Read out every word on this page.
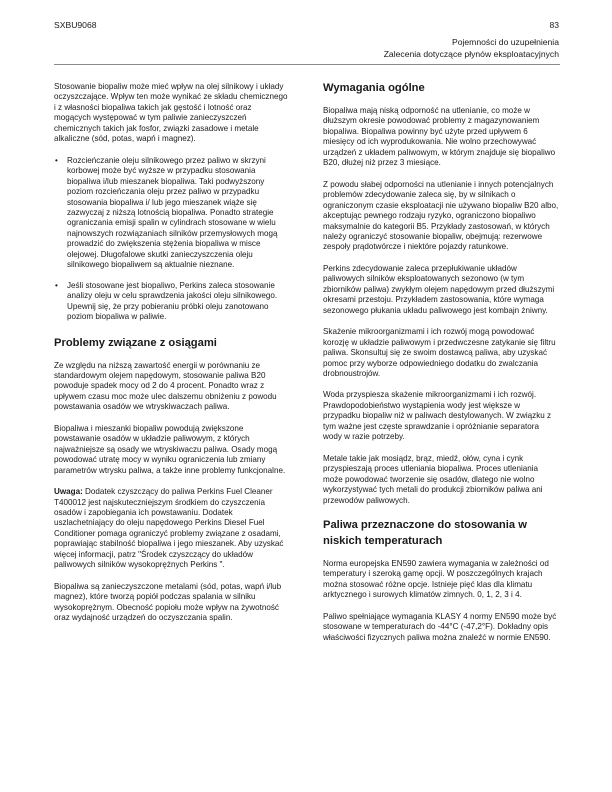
SXBU9068	83
Pojemności do uzupełnienia
Zalecenia dotyczące płynów eksploatacyjnych

Stosowanie biopaliw może mieć wpływ na olej silnikowy i układy oczyszczające. Wpływ ten może wynikać ze składu chemicznego i z własności biopaliwa takich jak gęstość i lotność oraz mogących występować w tym paliwie zanieczyszczeń chemicznych takich jak fosfor, związki zasadowe i metale alkaliczne (sód, potas, wapń i magnez).

• Rozcieńczanie oleju silnikowego przez paliwo w skrzyni korbowej może być wyższe w przypadku stosowania biopaliwa i/lub mieszanek biopaliwa. Taki podwyższony poziom rozcieńczania oleju przez paliwo w przypadku stosowania biopaliwa i/ lub jego mieszanek wiąże się zazwyczaj z niższą lotnością biopaliwa. Ponadto strategie ograniczania emisji spalin w cylindrach stosowane w wielu najnowszych rozwiązaniach silników przemysłowych mogą prowadzić do zwiększenia stężenia biopaliwa w misce olejowej. Długofalowe skutki zanieczyszczenia oleju silnikowego biopaliwem są aktualnie nieznane.
• Jeśli stosowane jest biopaliwo, Perkins zaleca stosowanie analizy oleju w celu sprawdzenia jakości oleju silnikowego. Upewnij się, że przy pobieraniu próbki oleju zanotowano poziom biopaliwa w paliwie.
Problemy związane z osiągami

Ze względu na niższą zawartość energii w porównaniu ze standardowym olejem napędowym, stosowanie paliwa B20 powoduje spadek mocy od 2 do 4 procent. Ponadto wraz z upływem czasu moc może ulec dalszemu obniżeniu z powodu powstawania osadów we wtryskiwaczach paliwa.

Biopaliwa i mieszanki biopaliw powodują zwiększone powstawanie osadów w układzie paliwowym, z których najważniejsze są osady we wtryskiwaczu paliwa. Osady mogą powodować utratę mocy w wyniku ograniczenia lub zmiany parametrów wtrysku paliwa, a także inne problemy funkcjonalne.

Uwaga: Dodatek czyszczący do paliwa Perkins Fuel Cleaner T400012 jest najskuteczniejszym środkiem do czyszczenia osadów i zapobiegania ich powstawaniu. Dodatek uszlachetniający do oleju napędowego Perkins Diesel Fuel Conditioner pomaga ograniczyć problemy związane z osadami, poprawiając stabilność biopaliwa i jego mieszanek. Aby uzyskać więcej informacji, patrz "Środek czyszczący do układów paliwowych silników wysokoprężnych Perkins ".

Biopaliwa są zanieczyszczone metalami (sód, potas, wapń i/lub magnez), które tworzą popiół podczas spalania w silniku wysokoprężnym. Obecność popiołu może wpływ na żywotność oraz wydajność urządzeń do oczyszczania spalin.

Wymagania ogólne

Biopaliwa mają niską odporność na utlenianie, co może w dłuższym okresie powodować problemy z magazynowaniem biopaliwa. Biopaliwa powinny być użyte przed upływem 6 miesięcy od ich wyprodukowania. Nie wolno przechowywać urządzeń z układem paliwowym, w którym znajduje się biopaliwo B20, dłużej niż przez 3 miesiące.

Z powodu słabej odporności na utlenianie i innych potencjalnych problemów zdecydowanie zaleca się, by w silnikach o ograniczonym czasie eksploatacji nie używano biopaliw B20 albo, akceptując pewnego rodzaju ryzyko, ograniczono biopaliwo maksymalnie do kategorii B5. Przykłady zastosowań, w których należy ograniczyć stosowanie biopaliw, obejmują: rezerwowe zespoły prądotwórcze i niektóre pojazdy ratunkowe.

Perkins zdecydowanie zaleca przepłukiwanie układów paliwowych silników eksploatowanych sezonowo (w tym zbiorników paliwa) zwykłym olejem napędowym przed dłuższymi okresami przestoju. Przykładem zastosowania, które wymaga sezonowego płukania układu paliwowego jest kombajn żniwny.

Skażenie mikroorganizmami i ich rozwój mogą powodować korozję w układzie paliwowym i przedwczesne zatykanie się filtru paliwa. Skonsultuj się ze swoim dostawcą paliwa, aby uzyskać pomoc przy wyborze odpowiedniego dodatku do zwalczania drobnoustrojów.

Woda przyspiesza skażenie mikroorganizmami i ich rozwój. Prawdopodobieństwo wystąpienia wody jest większe w przypadku biopaliw niż w paliwach destylowanych. W związku z tym ważne jest częste sprawdzanie i opróżnianie separatora wody w razie potrzeby.

Metale takie jak mosiądz, brąz, miedź, ołów, cyna i cynk przyspieszają proces utleniania biopaliwa. Proces utleniania może powodować tworzenie się osadów, dlatego nie wolno wykorzystywać tych metali do produkcji zbiorników paliwa ani przewodów paliwowych.

Paliwa przeznaczone do stosowania w niskich temperaturach

Norma europejska EN590 zawiera wymagania w zależności od temperatury i szeroką gamę opcji. W poszczególnych krajach można stosować różne opcje. Istnieje pięć klas dla klimatu arktycznego i surowych klimatów zimnych. 0, 1, 2, 3 i 4.

Paliwo spełniające wymagania KLASY 4 normy EN590 może być stosowane w temperaturach do -44°C (-47,2°F). Dokładny opis właściwości fizycznych paliwa można znaleźć w normie EN590.
